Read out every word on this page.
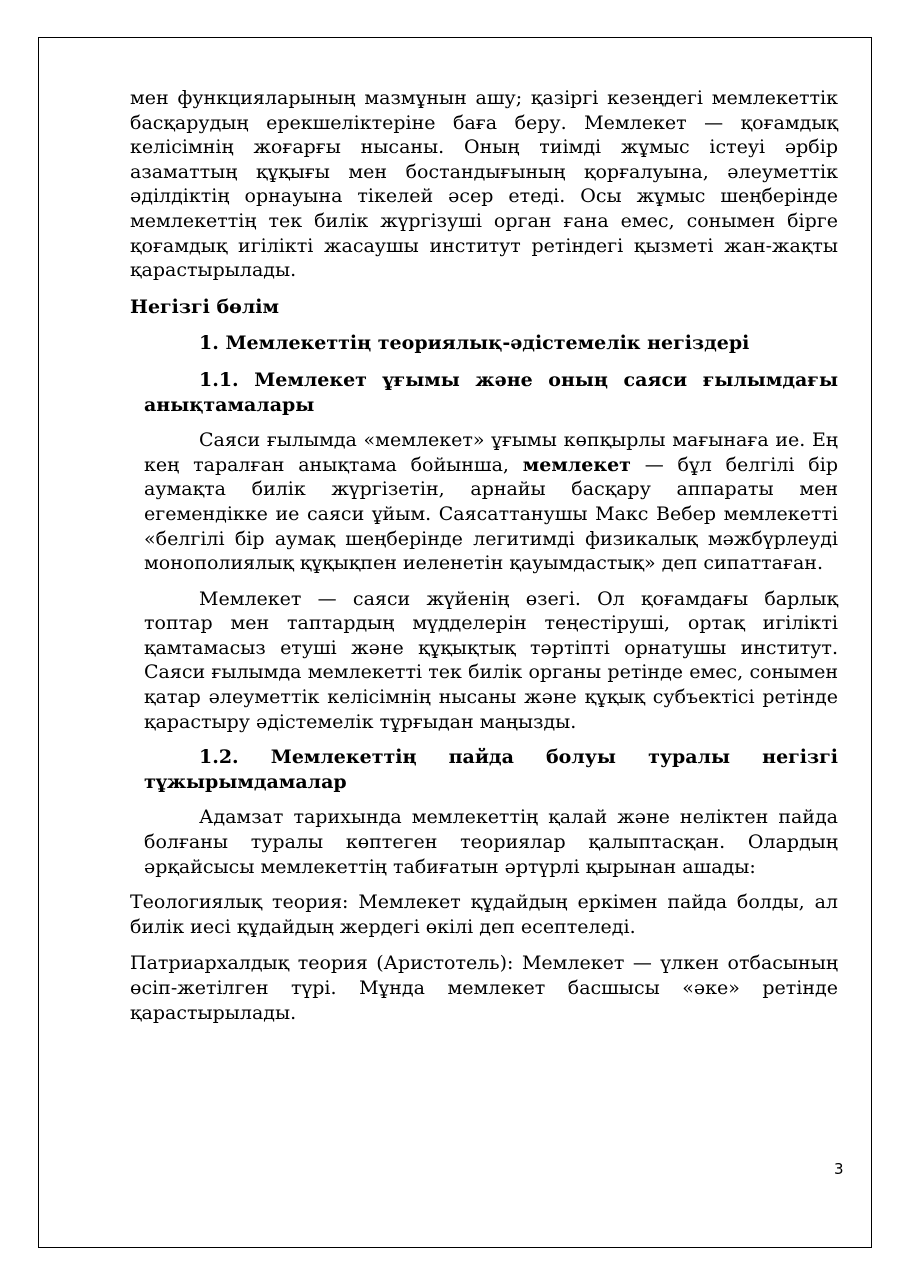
мен функцияларының мазмұнын ашу; қазіргі кезеңдегі мемлекеттік басқарудың ерекшеліктеріне баға беру. Мемлекет — қоғамдық келісімнің жоғарғы нысаны. Оның тиімді жұмыс істеуі әрбір азаматтың құқығы мен бостандығының қорғалуына, әлеуметтік әділдіктің орнауына тікелей әсер етеді. Осы жұмыс шеңберінде мемлекеттің тек билік жүргізуші орган ғана емес, сонымен бірге қоғамдық игілікті жасаушы институт ретіндегі қызметі жан-жақты қарастырылады.

Негізгі бөлім

1. Мемлекеттің теориялық-әдістемелік негіздері

1.1. Мемлекет ұғымы және оның саяси ғылымдағы анықтамалары

Саяси ғылымда «мемлекет» ұғымы көпқырлы мағынаға ие. Ең кең таралған анықтама бойынша, мемлекет — бұл белгілі бір аумақта билік жүргізетін, арнайы басқару аппараты мен егемендікке ие саяси ұйым. Саясаттанушы Макс Вебер мемлекетті «белгілі бір аумақ шеңберінде легитимді физикалық мәжбүрлеуді монополиялық құқықпен иеленетін қауымдастық» деп сипаттаған.

Мемлекет — саяси жүйенің өзегі. Ол қоғамдағы барлық топтар мен таптардың мүдделерін теңестіруші, ортақ игілікті қамтамасыз етуші және құқықтық тәртіпті орнатушы институт. Саяси ғылымда мемлекетті тек билік органы ретінде емес, сонымен қатар әлеуметтік келісімнің нысаны және құқық субъектісі ретінде қарастыру әдістемелік тұрғыдан маңызды.

1.2. Мемлекеттің пайда болуы туралы негізгі тұжырымдамалар

Адамзат тарихында мемлекеттің қалай және неліктен пайда болғаны туралы көптеген теориялар қалыптасқан. Олардың әрқайсысы мемлекеттің табиғатын әртүрлі қырынан ашады:

Теологиялық теория: Мемлекет құдайдың еркімен пайда болды, ал билік иесі құдайдың жердегі өкілі деп есептеледі.

Патриархалдық теория (Аристотель): Мемлекет — үлкен отбасының өсіп-жетілген түрі. Мұнда мемлекет басшысы «әке» ретінде қарастырылады.

3
